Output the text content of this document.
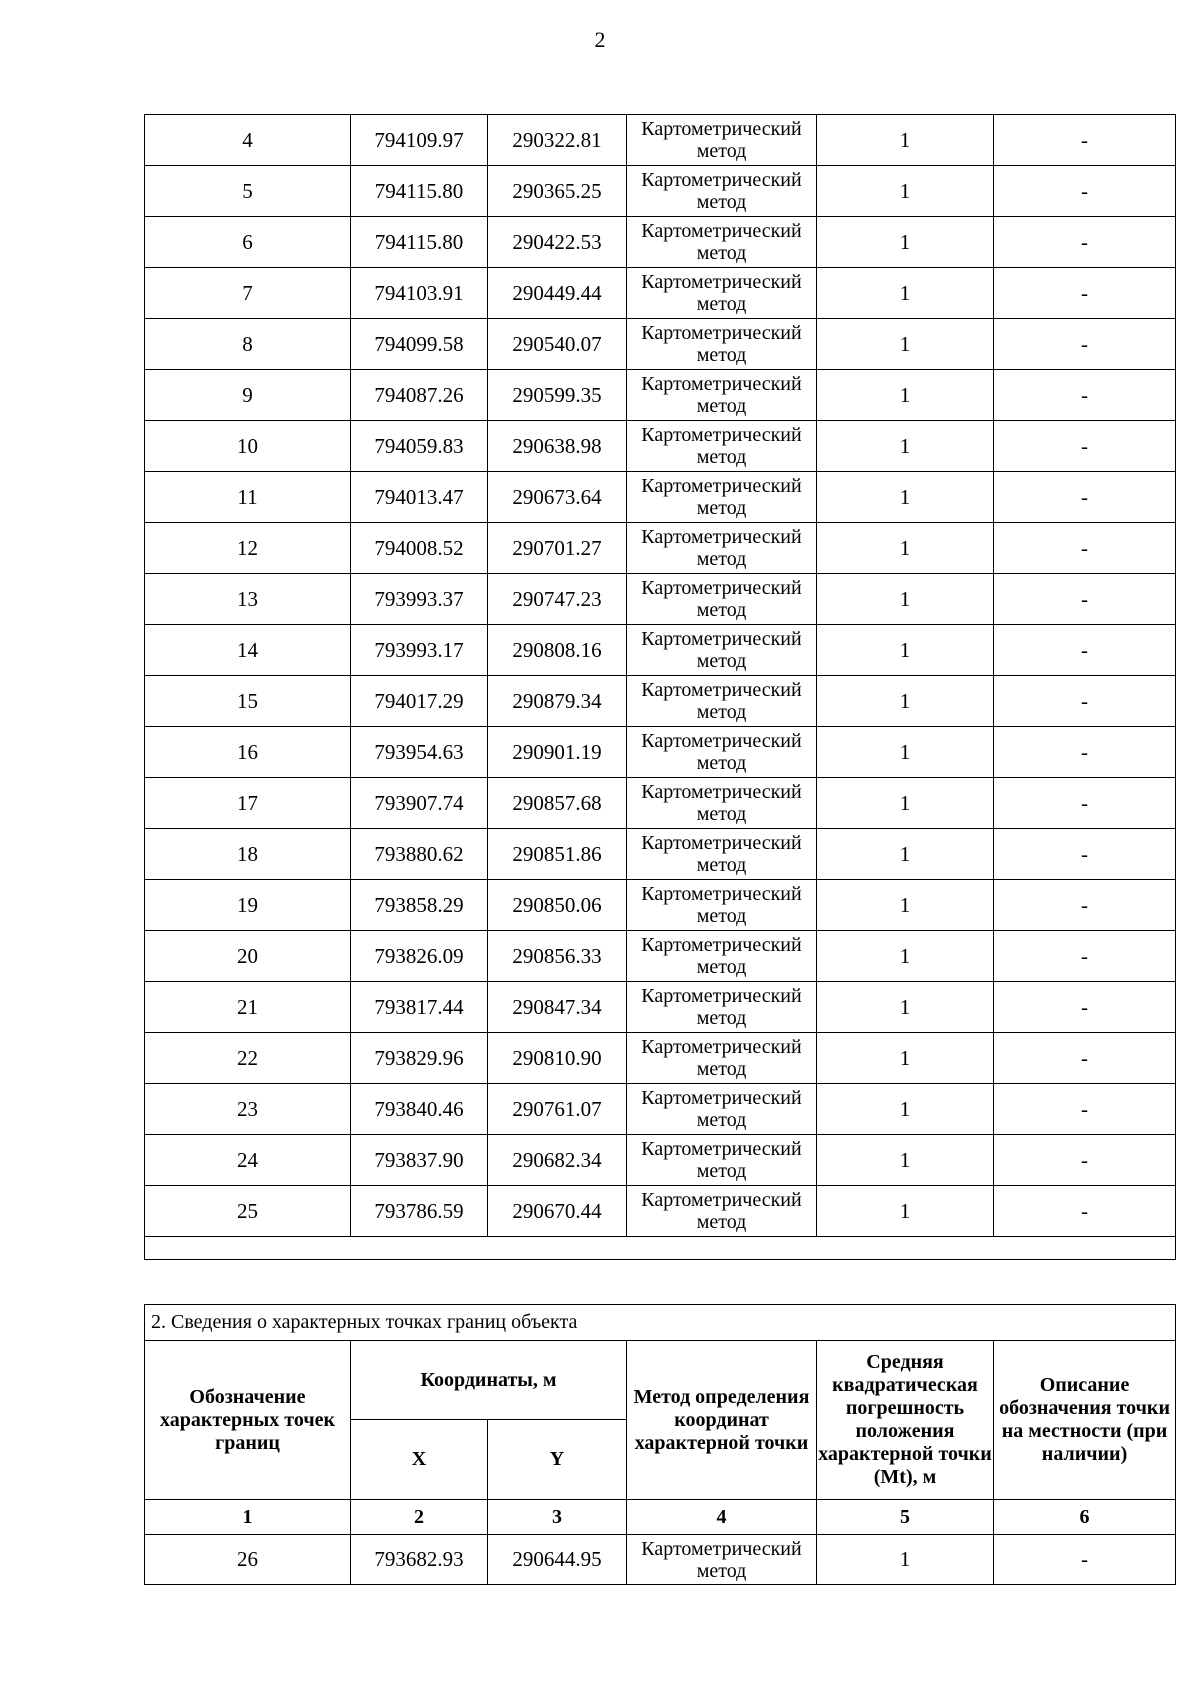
2
4	794109.97	290322.81	Картометрический метод	1	-
5	794115.80	290365.25	Картометрический метод	1	-
6	794115.80	290422.53	Картометрический метод	1	-
7	794103.91	290449.44	Картометрический метод	1	-
8	794099.58	290540.07	Картометрический метод	1	-
9	794087.26	290599.35	Картометрический метод	1	-
10	794059.83	290638.98	Картометрический метод	1	-
11	794013.47	290673.64	Картометрический метод	1	-
12	794008.52	290701.27	Картометрический метод	1	-
13	793993.37	290747.23	Картометрический метод	1	-
14	793993.17	290808.16	Картометрический метод	1	-
15	794017.29	290879.34	Картометрический метод	1	-
16	793954.63	290901.19	Картометрический метод	1	-
17	793907.74	290857.68	Картометрический метод	1	-
18	793880.62	290851.86	Картометрический метод	1	-
19	793858.29	290850.06	Картометрический метод	1	-
20	793826.09	290856.33	Картометрический метод	1	-
21	793817.44	290847.34	Картометрический метод	1	-
22	793829.96	290810.90	Картометрический метод	1	-
23	793840.46	290761.07	Картометрический метод	1	-
24	793837.90	290682.34	Картометрический метод	1	-
25	793786.59	290670.44	Картометрический метод	1	-

2. Сведения о характерных точках границ объекта					
Обозначение характерных точек границ	Координаты, м		Метод определения координат характерной точки	Средняя квадратическая погрешность положения характерной точки (Mt), м	Описание обозначения точки на местности (при наличии)
	X	Y			
1	2	3	4	5	6
26	793682.93	290644.95	Картометрический метод	1	-
